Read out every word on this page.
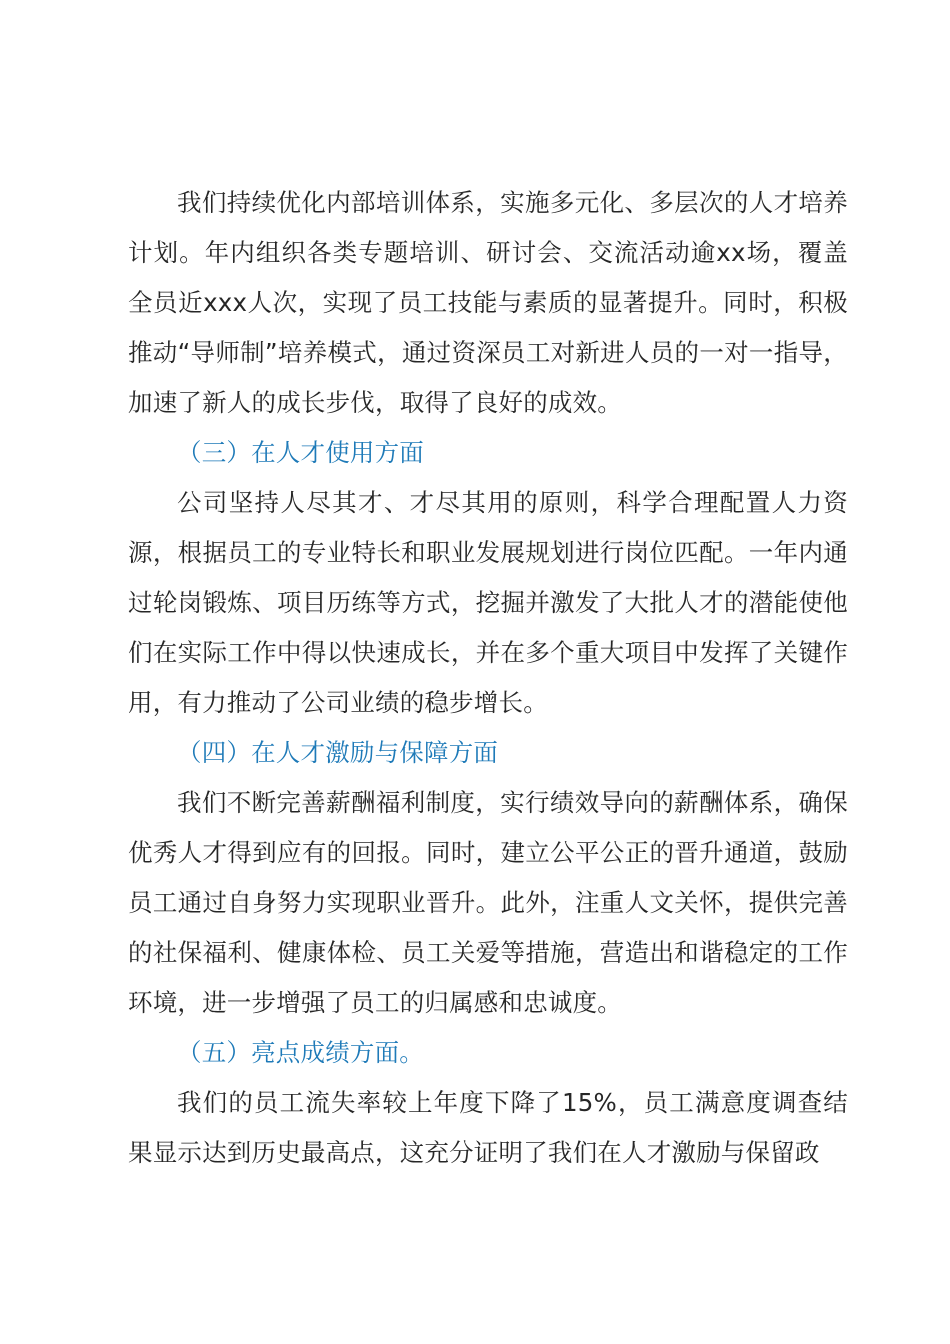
我们持续优化内部培训体系，实施多元化、多层次的人才培养计划。年内组织各类专题培训、研讨会、交流活动逾xx场，覆盖全员近xxx人次，实现了员工技能与素质的显著提升。同时，积极推动“导师制”培养模式，通过资深员工对新进人员的一对一指导，加速了新人的成长步伐，取得了良好的成效。

（三）在人才使用方面

公司坚持人尽其才、才尽其用的原则，科学合理配置人力资源，根据员工的专业特长和职业发展规划进行岗位匹配。一年内通过轮岗锻炼、项目历练等方式，挖掘并激发了大批人才的潜能使他们在实际工作中得以快速成长，并在多个重大项目中发挥了关键作用，有力推动了公司业绩的稳步增长。

（四）在人才激励与保障方面

我们不断完善薪酬福利制度，实行绩效导向的薪酬体系，确保优秀人才得到应有的回报。同时，建立公平公正的晋升通道，鼓励员工通过自身努力实现职业晋升。此外，注重人文关怀，提供完善的社保福利、健康体检、员工关爱等措施，营造出和谐稳定的工作环境，进一步增强了员工的归属感和忠诚度。

（五）亮点成绩方面。

我们的员工流失率较上年度下降了15%，员工满意度调查结果显示达到历史最高点，这充分证明了我们在人才激励与保留政
